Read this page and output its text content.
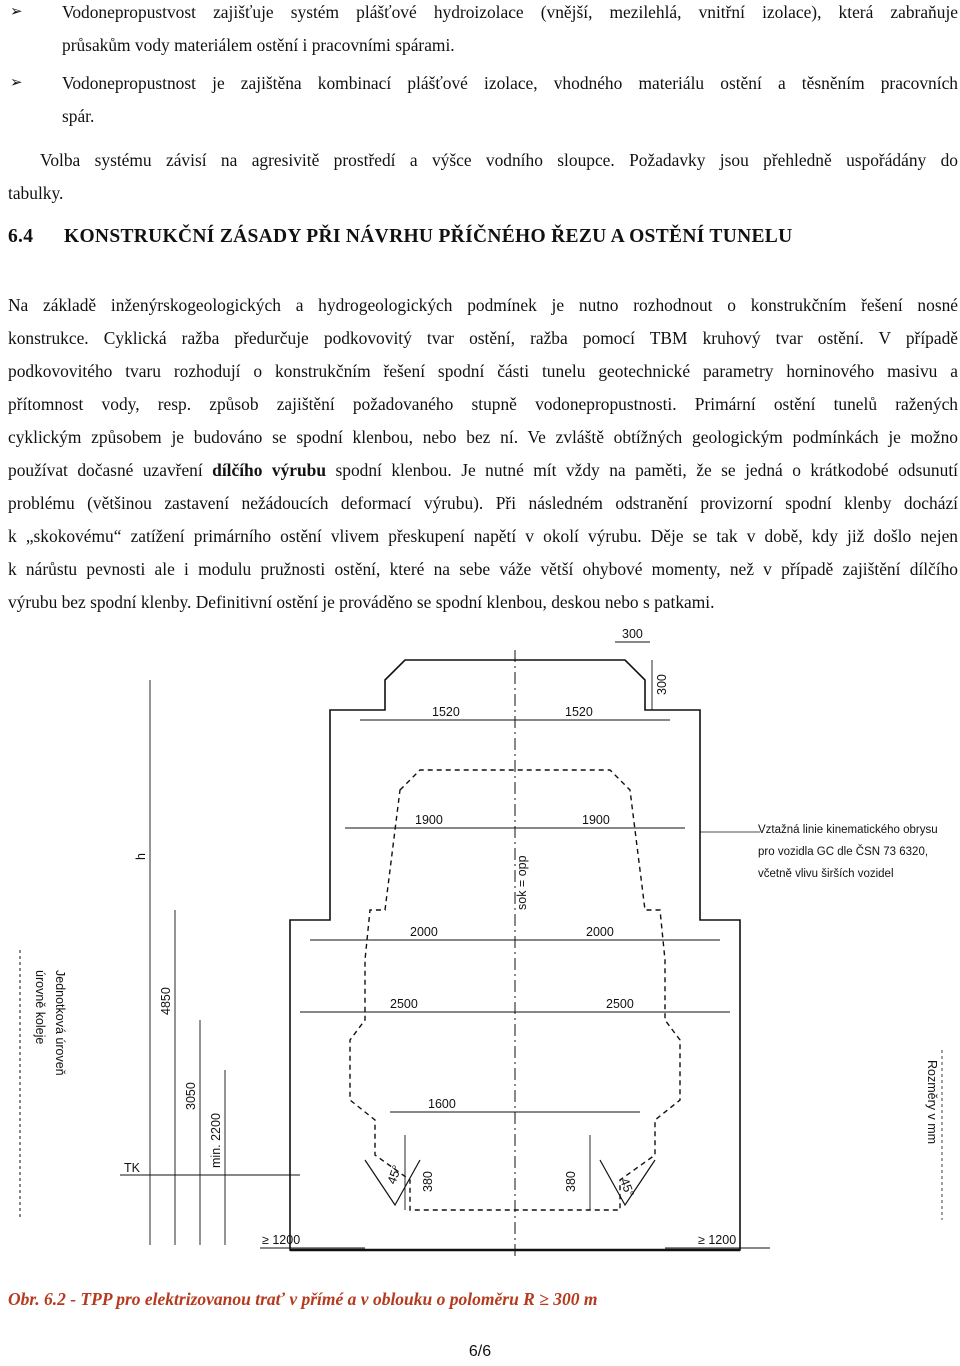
➢ Vodonepropustvost zajišťuje systém plášťové hydroizolace (vnější, mezilehlá, vnitřní izolace), která zabraňuje

průsakům vody materiálem ostění i pracovními spárami.

➢ Vodonepropustnost je zajištěna kombinací plášťové izolace, vhodného materiálu ostění a těsněním pracovních

spár.

Volba systému závisí na agresivitě prostředí a výšce vodního sloupce. Požadavky jsou přehledně uspořádány do

tabulky.

6.4 KONSTRUKČNÍ ZÁSADY PŘI NÁVRHU PŘÍČNÉHO ŘEZU A OSTĚNÍ TUNELU

Na základě inženýrskogeologických a hydrogeologických podmínek je nutno rozhodnout o konstrukčním řešení nosné

konstrukce. Cyklická ražba předurčuje podkovovitý tvar ostění, ražba pomocí TBM kruhový tvar ostění. V případě

podkovovitého tvaru rozhodují o konstrukčním řešení spodní části tunelu geotechnické parametry horninového masivu a

přítomnost vody, resp. způsob zajištění požadovaného stupně vodonepropustnosti. Primární ostění tunelů ražených

cyklickým způsobem je budováno se spodní klenbou, nebo bez ní. Ve zvláště obtížných geologickým podmínkách je možno

používat dočasné uzavření dílčího výrubu spodní klenbou. Je nutné mít vždy na paměti, že se jedná o krátkodobé odsunutí

problému (většinou zastavení nežádoucích deformací výrubu). Při následném odstranění provizorní spodní klenby dochází

k „skokovému“ zatížení primárního ostění vlivem přeskupení napětí v okolí výrubu. Děje se tak v době, kdy již došlo nejen

k nárůstu pevnosti ale i modulu pružnosti ostění, které na sebe váže větší ohybové momenty, než v případě zajištění dílčího

výrubu bez spodní klenby. Definitivní ostění je prováděno se spodní klenbou, deskou nebo s patkami.

300
300
1520	1520
1900	1900
2000	2000
2500	2500
1600
380	380
45°
45°
≥ 1200	≥ 1200
h
4850
3050
min. 2200
TK
sok = opp
úrovně koleje
Rozměry v mm
Jednotková úroveň
Vztažná linie kinematického obrysu
pro vozidla GC dle ČSN 73 6320,
včetně vlivu širších vozidel
Obr. 6.2 - TPP pro elektrizovanou trať v přímé a v oblouku o poloměru R ≥ 300 m
6/6
